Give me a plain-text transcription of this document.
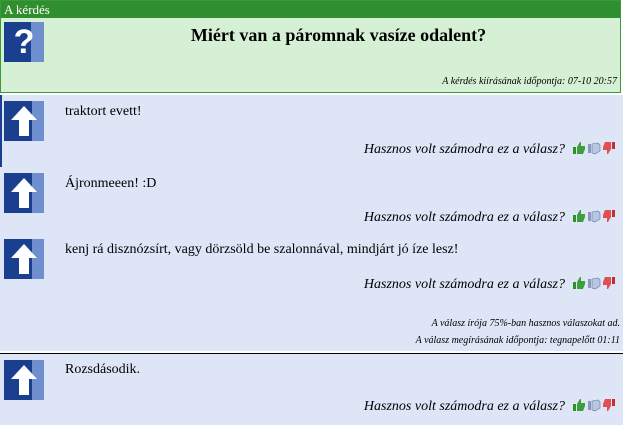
A kérdés
?	Miért van a páromnak vasíze odalent?
A kérdés kiírásának időpontja: 07-10 20:57
traktort evett!
Hasznos volt számodra ez a válasz?
Ájronmeeen! :D
Hasznos volt számodra ez a válasz?
kenj rá disznózsírt, vagy dörzsöld be szalonnával, mindjárt jó íze lesz!
Hasznos volt számodra ez a válasz?
A válasz írója 75%-ban hasznos válaszokat ad.
A válasz megírásának időpontja: tegnapelőtt 01:11
Rozsdásodik.
Hasznos volt számodra ez a válasz?
